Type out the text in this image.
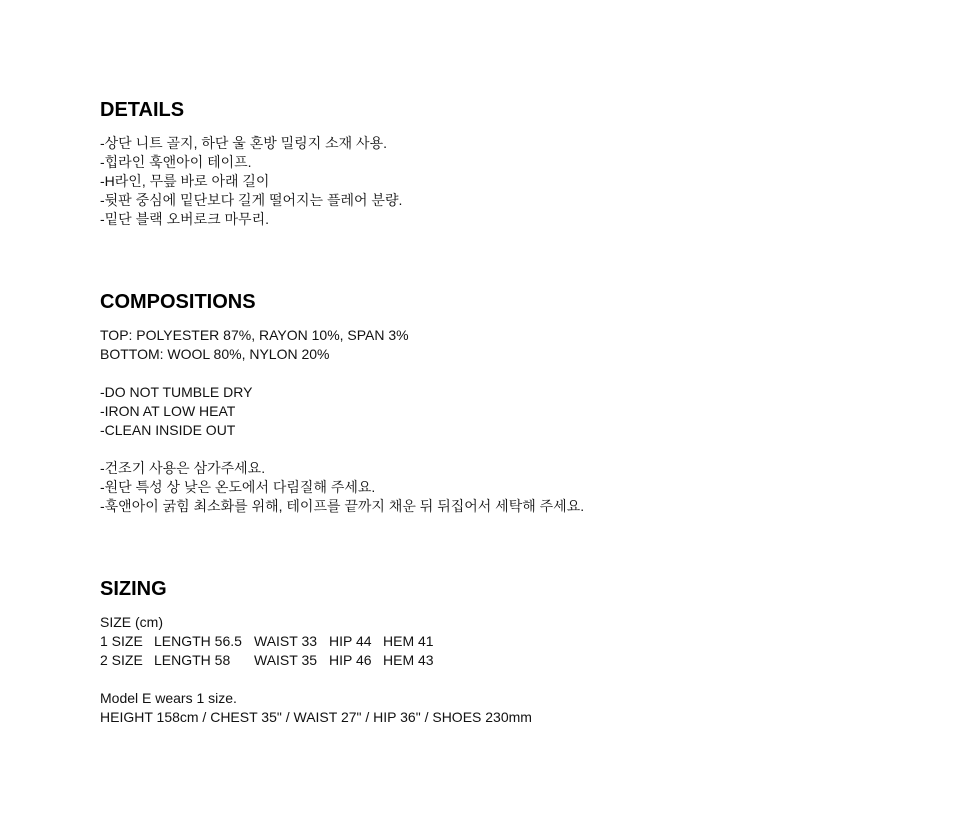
DETAILS
-상단 니트 골지, 하단 울 혼방 밀링지 소재 사용.
-힙라인 훅앤아이 테이프.
-H라인, 무릎 바로 아래 길이
-뒷판 중심에 밑단보다 길게 떨어지는 플레어 분량.
-밑단 블랙 오버로크 마무리.
COMPOSITIONS
TOP: POLYESTER 87%, RAYON 10%, SPAN 3%
BOTTOM: WOOL 80%, NYLON 20%
-DO NOT TUMBLE DRY
-IRON AT LOW HEAT
-CLEAN INSIDE OUT
-건조기 사용은 삼가주세요.
-원단 특성 상 낮은 온도에서 다림질해 주세요.
-훅앤아이 굵힘 최소화를 위해, 테이프를 끝까지 채운 뒤 뒤집어서 세탁해 주세요.
SIZING
SIZE (cm)
1 SIZE LENGTH 56.5 WAIST 33 HIP 44 HEM 41
2 SIZE LENGTH 58	WAIST 35 HIP 46 HEM 43
Model E wears 1 size.
HEIGHT 158cm / CHEST 35" / WAIST 27" / HIP 36" / SHOES 230mm
